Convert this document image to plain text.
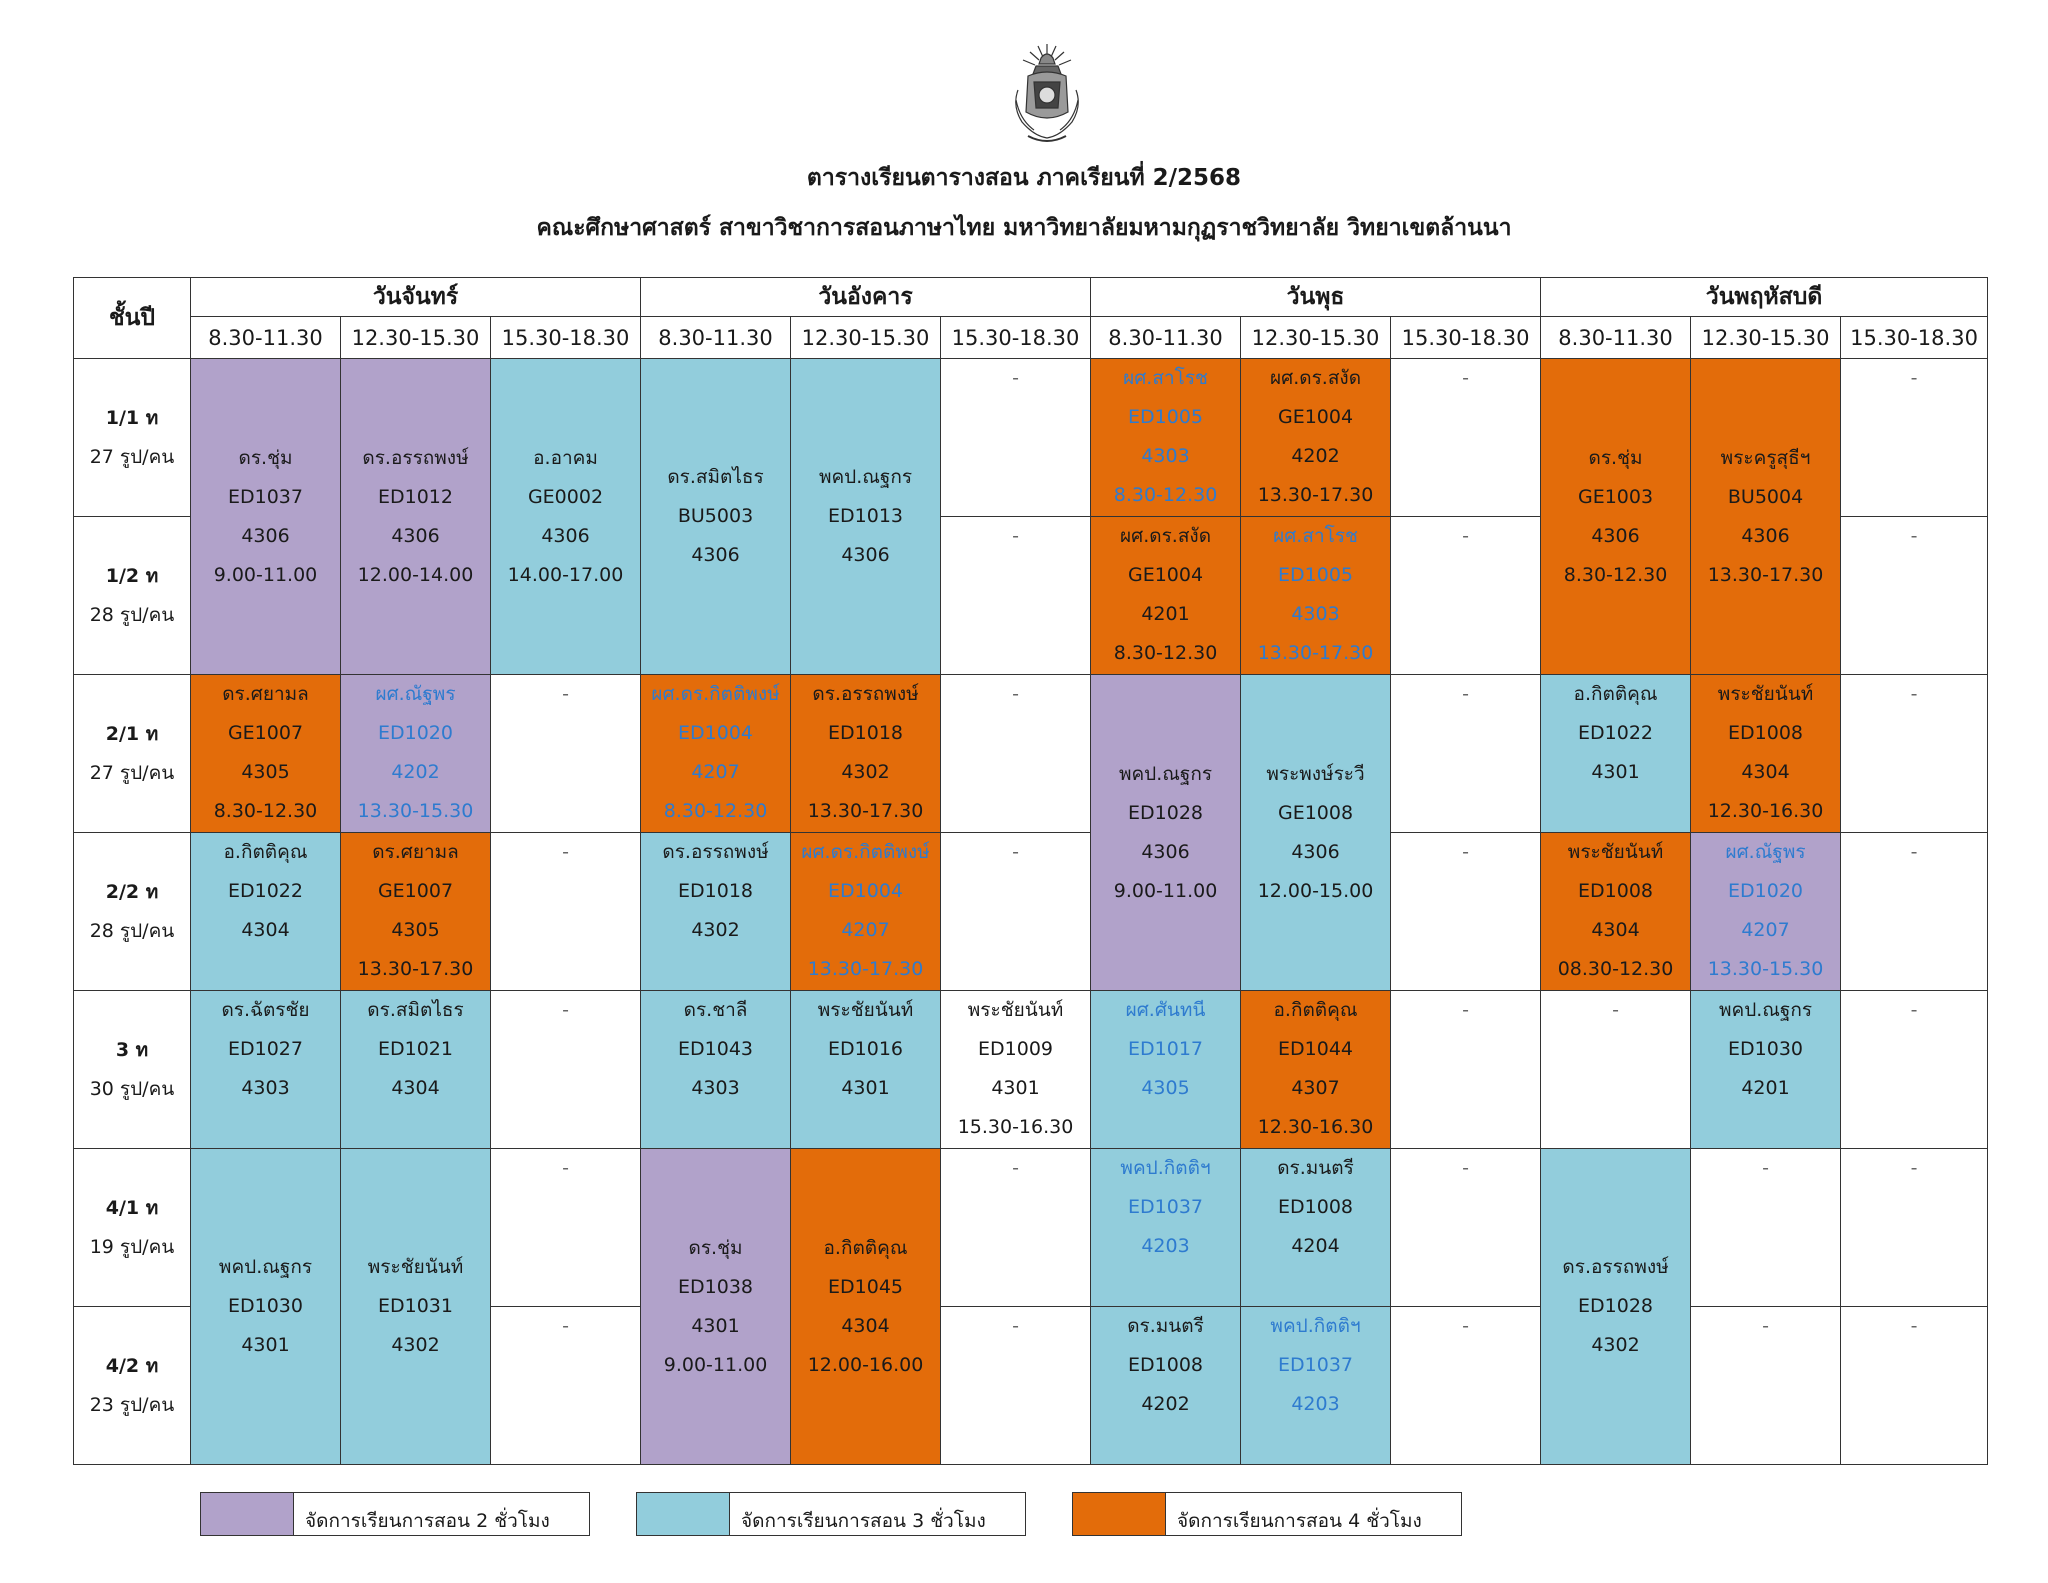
ตารางเรียนตารางสอน ภาคเรียนที่ 2/2568
คณะศึกษาศาสตร์ สาขาวิชาการสอนภาษาไทย มหาวิทยาลัยมหามกุฏราชวิทยาลัย วิทยาเขตล้านนา
ชั้นปี	วันจันทร์			วันอังคาร			วันพุธ			วันพฤหัสบดี		
	8.30-11.30	12.30-15.30	15.30-18.30	8.30-11.30	12.30-15.30	15.30-18.30	8.30-11.30	12.30-15.30	15.30-18.30	8.30-11.30	12.30-15.30	15.30-18.30

1/1 ท
27 รูป/คน	ดร.ชุ่ม
ED1037
4306
9.00-11.00	ดร.อรรถพงษ์
ED1012
4306
12.00-14.00	อ.อาคม
GE0002
4306
14.00-17.00	ดร.สมิตไธร
BU5003
4306	พคป.ณฐกร
ED1013
4306	-	ผศ.สาโรช
ED1005
4303
8.30-12.30	ผศ.ดร.สงัด
GE1004
4202
13.30-17.30	-	ดร.ชุ่ม
GE1003
4306
8.30-12.30	พระครูสุธีฯ
BU5004
4306
13.30-17.30	-

1/2 ท
28 รูป/คน						-	ผศ.ดร.สงัด
GE1004
4201
8.30-12.30	ผศ.สาโรช
ED1005
4303
13.30-17.30	-			-

2/1 ท
27 รูป/คน	ดร.ศยามล
GE1007
4305
8.30-12.30	ผศ.ณัฐพร
ED1020
4202
13.30-15.30	-	ผศ.ดร.กิตติพงษ์
ED1004
4207
8.30-12.30	ดร.อรรถพงษ์
ED1018
4302
13.30-17.30	-	พคป.ณฐกร
ED1028
4306
9.00-11.00	พระพงษ์ระวี
GE1008
4306
12.00-15.00	-	อ.กิตติคุณ
ED1022
4301	พระชัยนันท์
ED1008
4304
12.30-16.30	-

2/2 ท
28 รูป/คน	อ.กิตติคุณ
ED1022
4304	ดร.ศยามล
GE1007
4305
13.30-17.30	-	ดร.อรรถพงษ์
ED1018
4302	ผศ.ดร.กิตติพงษ์
ED1004
4207
13.30-17.30	-			-	พระชัยนันท์
ED1008
4304
08.30-12.30	ผศ.ณัฐพร
ED1020
4207
13.30-15.30	-

3 ท
30 รูป/คน	ดร.ฉัตรชัย
ED1027
4303	ดร.สมิตไธร
ED1021
4304	-	ดร.ชาลี
ED1043
4303	พระชัยนันท์
ED1016
4301	พระชัยนันท์
ED1009
4301
15.30-16.30	ผศ.ศันทนี
ED1017
4305	อ.กิตติคุณ
ED1044
4307
12.30-16.30	-	-	พคป.ณฐกร
ED1030
4201	-

4/1 ท
19 รูป/คน	พคป.ณฐกร
ED1030
4301	พระชัยนันท์
ED1031
4302	-	ดร.ชุ่ม
ED1038
4301
9.00-11.00	อ.กิตติคุณ
ED1045
4304
12.00-16.00	-	พคป.กิตติฯ
ED1037
4203	ดร.มนตรี
ED1008
4204	-	ดร.อรรถพงษ์
ED1028
4302	-	-

4/2 ท
23 รูป/คน			-			-	ดร.มนตรี
ED1008
4202	พคป.กิตติฯ
ED1037
4203	-		-	-
จัดการเรียนการสอน 2 ชั่วโมง	จัดการเรียนการสอน 3 ชั่วโมง	จัดการเรียนการสอน 4 ชั่วโมง
